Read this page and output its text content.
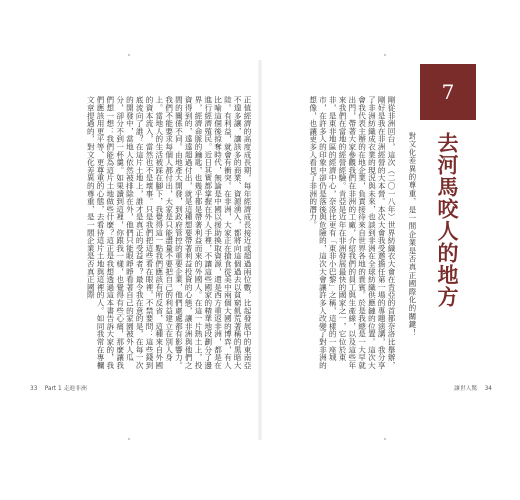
正值經濟的高度成長期，每年經濟成長接近或超過兩位數，比起發展中的東南亞不遑多讓，讓該多的商業、資源湧入，都將向這個過去以貧窮飢荒著稱的黑暗大陸。有利益，就會有衝突。在非洲，大家正在搶食從美中兩個大國的博弈，有人比喻這個後掠奪時代，無論是中國以援助換取資源，還是西方重返非洲，都是在進行經濟殖民。近日其實都掌握在外人手裡，不讓這些國家的精華地段劃分了邊界，經濟命脈的鑰匙，也幾乎都是帶著利益而來的外國人。在這一片熱土上，投資得到的，遠遠超過付出，就是這種想要帶著利益投資的心態，讓非洲與他們之間的關係不同。由地產大開發，到政府管控的重要企業，他們處處都有影響力。我們不能要求每個人都付出，大家是只能盡量不要把自己的利益建立在別人身上。當地人的生活被踩在腳下，我覺得這一點我們應該有所反省，這種來自外國的資本流入，當然也不是壞事。只是我們把這些看在眼裡，不禁要問：這些錢到底流向了誰？在這片土地上，誰才是真正的受益者？最令我在意的是，在每一次的開發中，當地人依然被排除在外，他們只能眼睜睜看著自己的家園被外人瓜分，卻分不到一杯羹。如果讀到這裡，你跟我一樣，也覺得有些心痛，那麼讓我們想一想：我們能為這片土地做些什麼？這正是我想透過這本書告訴大家的，我們應該用更平等、更尊重的心態，去看待這片土地與這裡的人。如同我常在專欄文章提過的，對文化差異的尊重，是一間企業是否真正國際	剛從非洲回台，這次（二〇一八年）世界紡織衣大會在肯亞的首都奈洛比舉辦，剛好是我在非洲經營的大本營。本次大會我受邀擔任第一場的專題演講，我分享了非洲紡織成衣業的現況與未來，也談到非洲在全球紡織供應鏈的位置。這次大會我代表主辦的在地企業，負責接待來自世界各地的貴賓。於是我總是一大早就出門，帶著大家參觀我們在非洲的工廠，介紹我們的員工與生產線，以及這些年來我們在當地的經營經驗。肯亞是近年在非洲發展最快的國家之一，它位於東非，是東非地區的經濟中心，奈洛比更有「東非小巴黎」之稱，這樣的一座城市，在許多人的印象中卻仍是落後與危險的，這次大會讓許多人改變了對非洲的想像，也讓更多人看見了非洲的潛力。
7
去河馬咬人的地方
對文化差異的尊重，是一間企業是否真正國際化的關鍵！
33 Part 1 走進非洲	讓世人驚 34
